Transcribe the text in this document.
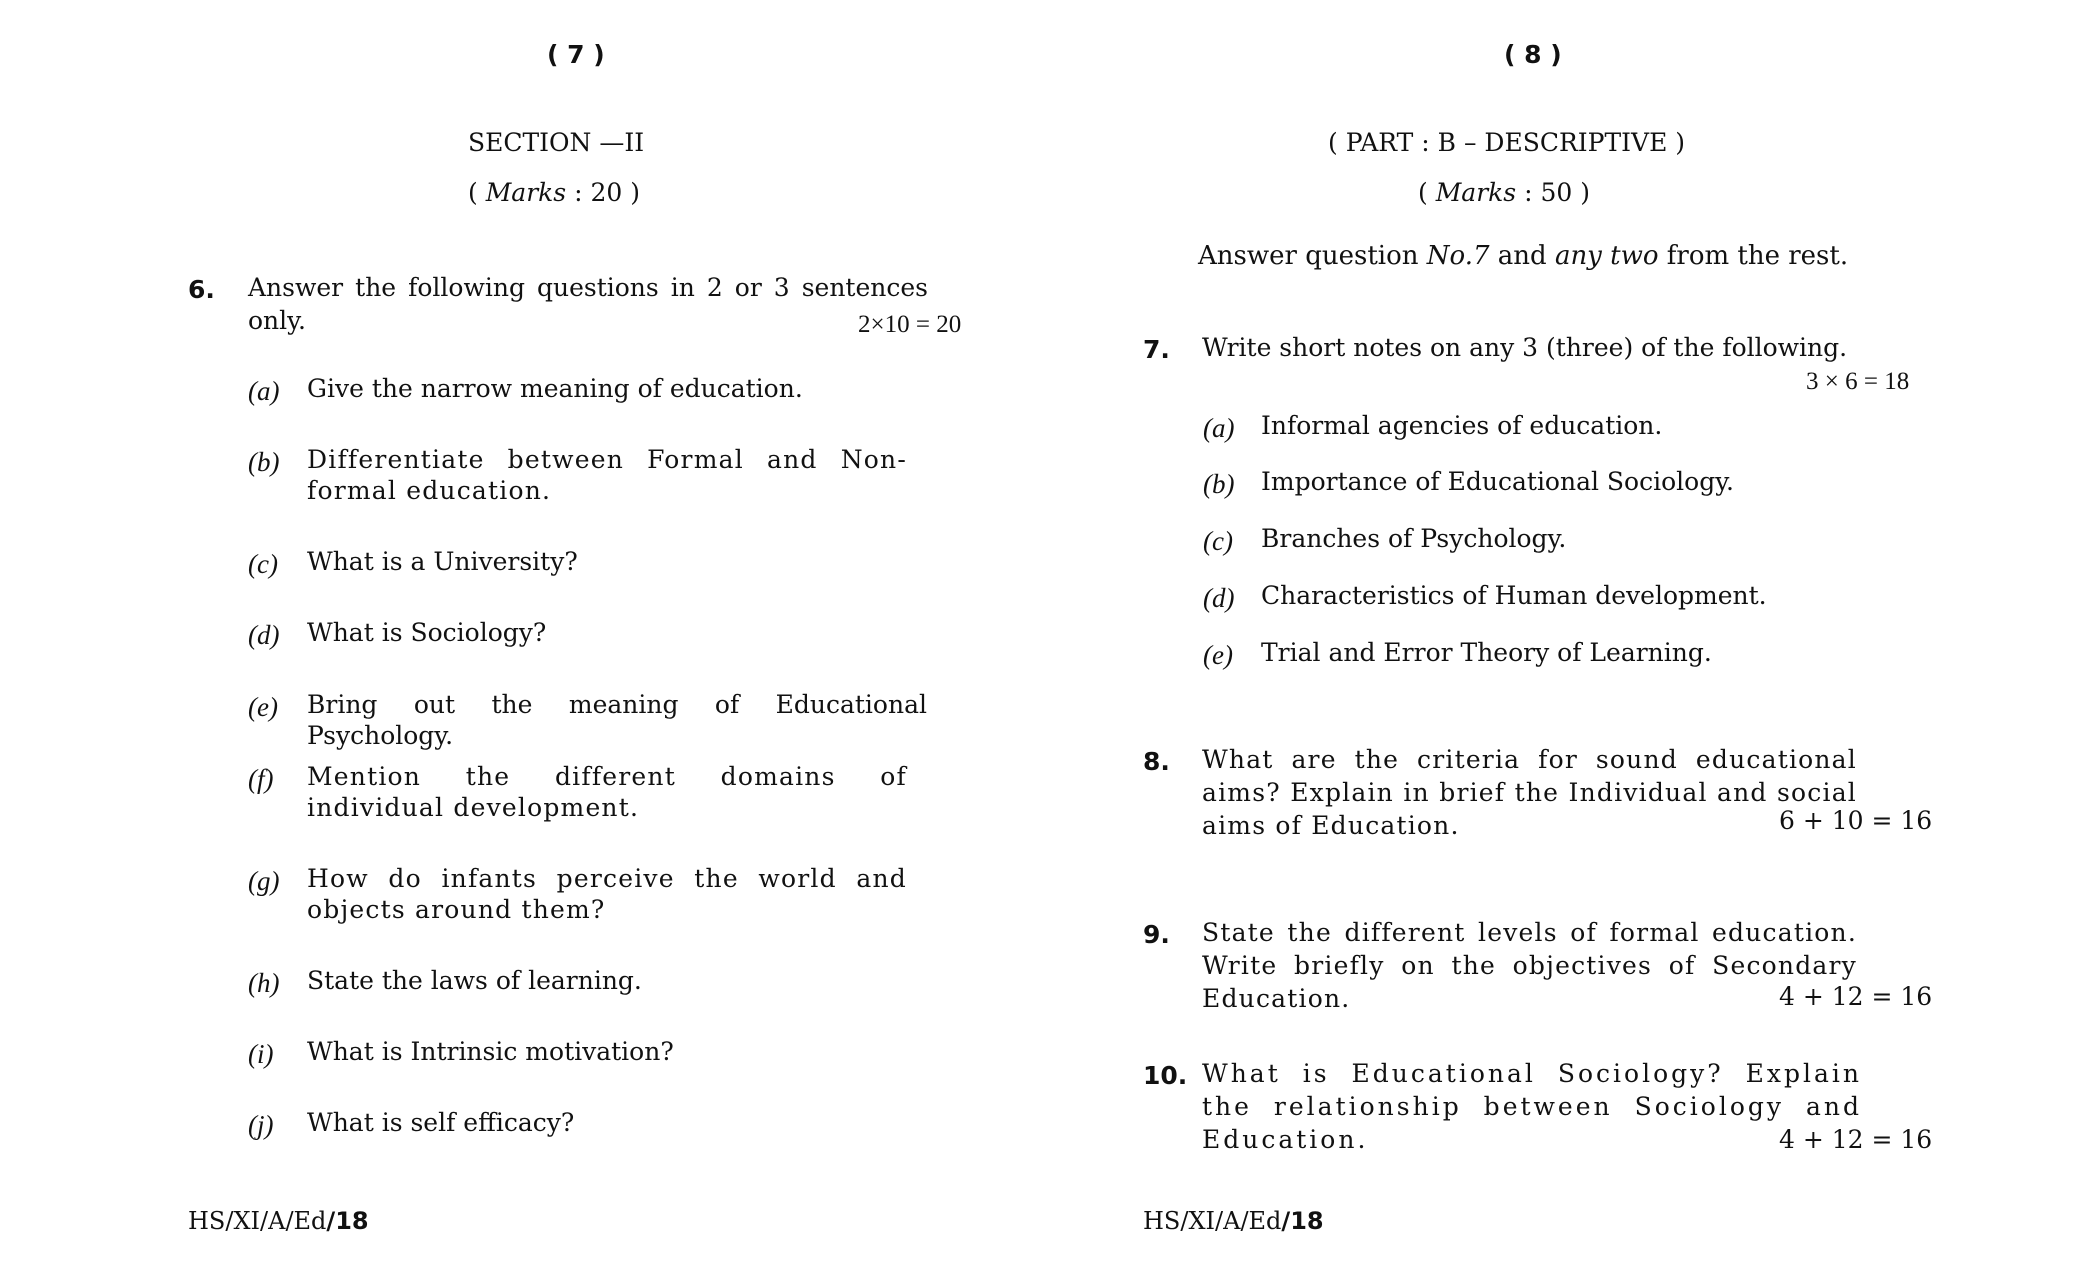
( 7 )
SECTION —II
( Marks : 20 )
6. Answer the following questions in 2 or 3 sentences only.	2×10 = 20
(a) Give the narrow meaning of education.
(b) Differentiate between Formal and Non-formal education.
(c) What is a University?
(d) What is Sociology?
(e) Bring out the meaning of Educational Psychology.
(f) Mention the different domains of individual development.
(g) How do infants perceive the world and objects around them?
(h) State the laws of learning.
(i) What is Intrinsic motivation?
(j) What is self efficacy?
HS/XI/A/Ed/18
( 8 )
( PART : B – DESCRIPTIVE )
( Marks : 50 )
Answer question No.7 and any two from the rest.
7. Write short notes on any 3 (three) of the following.
3 × 6 = 18
(a) Informal agencies of education.
(b) Importance of Educational Sociology.
(c) Branches of Psychology.
(d) Characteristics of Human development.
(e) Trial and Error Theory of Learning.
8. What are the criteria for sound educational aims? Explain in brief the Individual and social aims of Education.	6 + 10 = 16
9. State the different levels of formal education. Write briefly on the objectives of Secondary Education.	4 + 12 = 16
10. What is Educational Sociology? Explain the relationship between Sociology and Education.	4 + 12 = 16
HS/XI/A/Ed/18
